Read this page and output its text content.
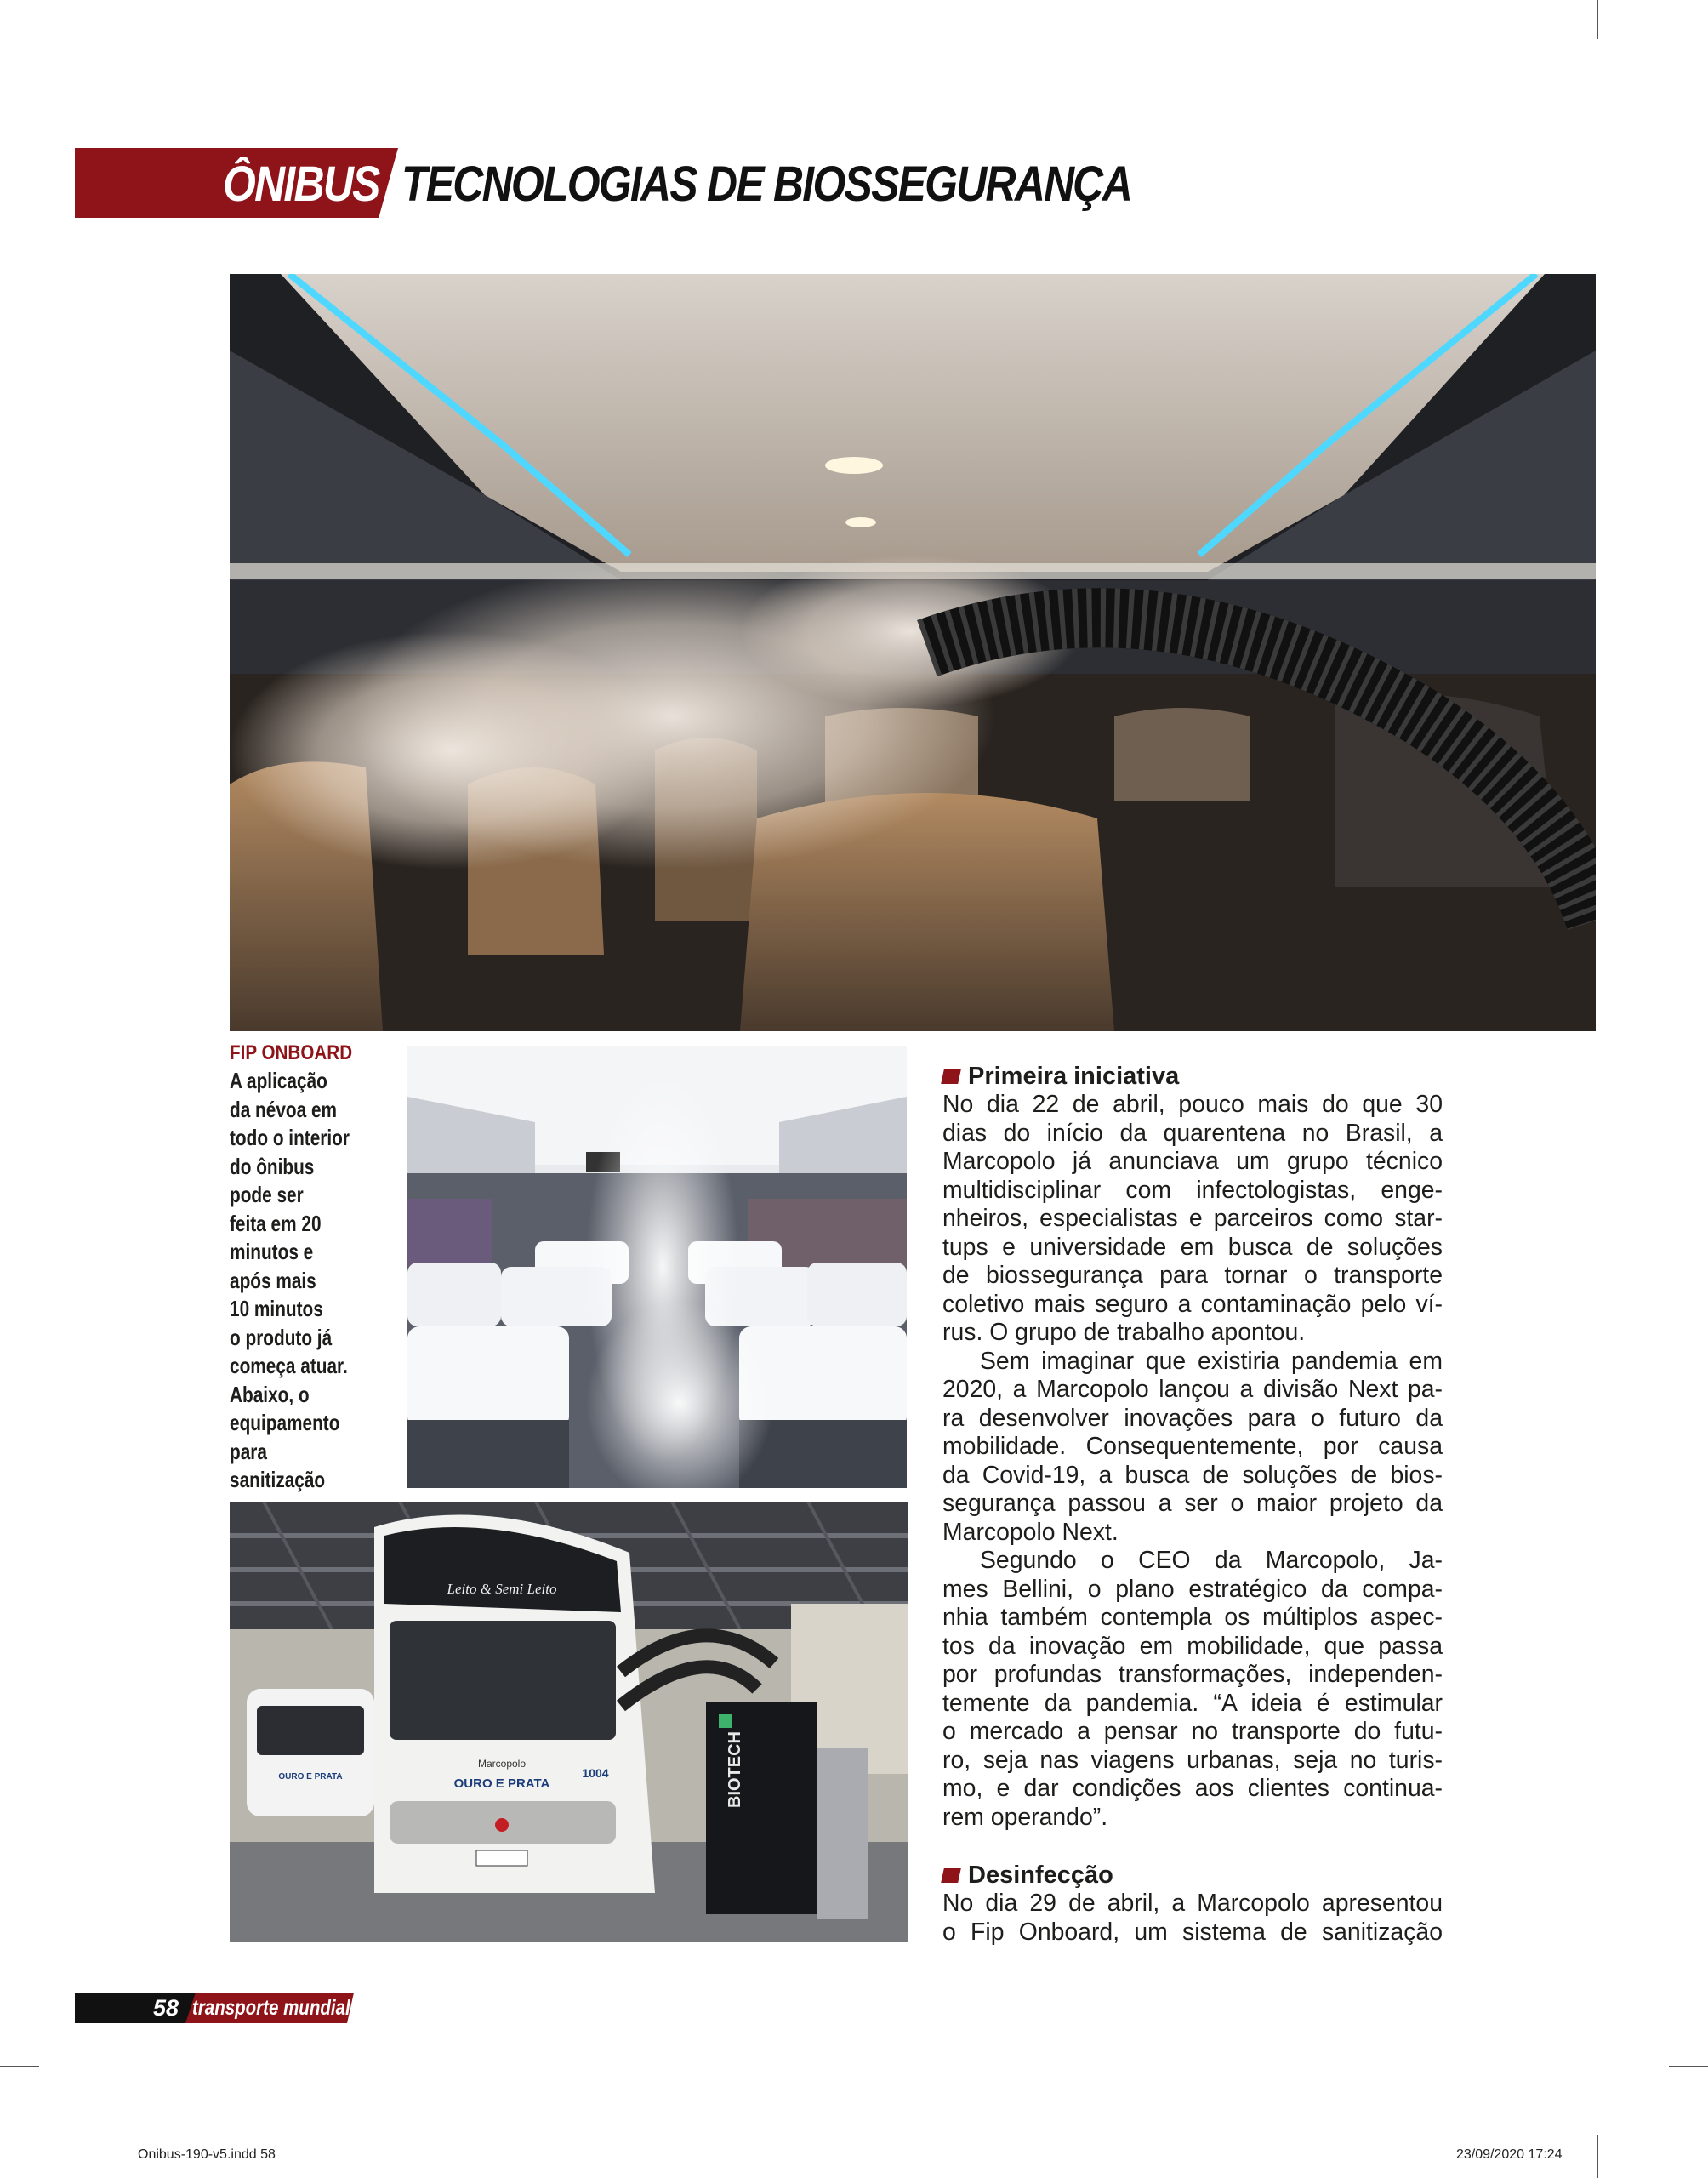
ÔNIBUS TECNOLOGIAS DE BIOSSEGURANÇA
FIP ONBOARD
A aplicação
da névoa em
todo o interior
do ônibus
pode ser
feita em 20
minutos e
após mais
10 minutos
o produto já
começa atuar.
Abaixo, o
equipamento
para
sanitização
OURO E PRATA
Leito & Semi Leito
Marcopolo
OURO E PRATA
1004	BIOTECH
Primeira iniciativa
No dia 22 de abril, pouco mais do que 30
dias do início da quarentena no Brasil, a
Marcopolo já anunciava um grupo técnico
multidisciplinar com infectologistas, enge-
nheiros, especialistas e parceiros como star-
tups e universidade em busca de soluções
de biossegurança para tornar o transporte
coletivo mais seguro a contaminação pelo ví-
rus. O grupo de trabalho apontou.
Sem imaginar que existiria pandemia em
2020, a Marcopolo lançou a divisão Next pa-
ra desenvolver inovações para o futuro da
mobilidade. Consequentemente, por causa
da Covid-19, a busca de soluções de bios-
segurança passou a ser o maior projeto da
Marcopolo Next.
Segundo o CEO da Marcopolo, Ja-
mes Bellini, o plano estratégico da compa-
nhia também contempla os múltiplos aspec-
tos da inovação em mobilidade, que passa
por profundas transformações, independen-
temente da pandemia. “A ideia é estimular
o mercado a pensar no transporte do futu-
ro, seja nas viagens urbanas, seja no turis-
mo, e dar condições aos clientes continua-
rem operando”.
Desinfecção
No dia 29 de abril, a Marcopolo apresentou
o Fip Onboard, um sistema de sanitização
58 transporte mundial
Onibus-190-v5.indd 58	23/09/2020 17:24
